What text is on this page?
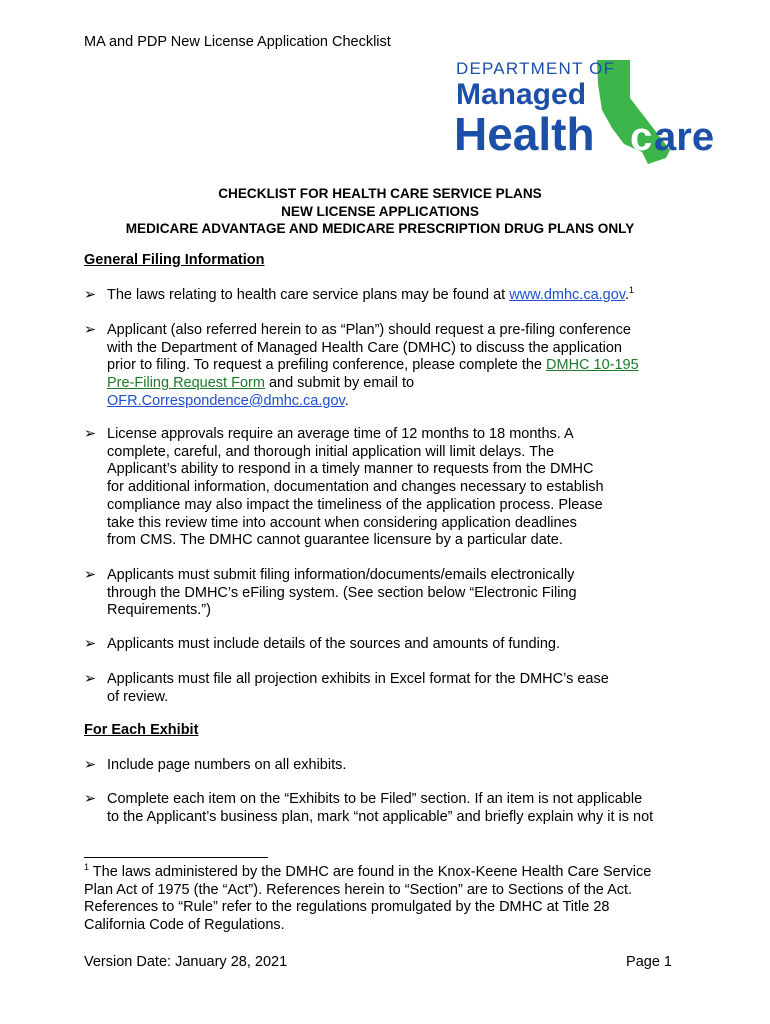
MA and PDP New License Application Checklist
DEPARTMENT OF
Managed
Health c are
CHECKLIST FOR HEALTH CARE SERVICE PLANS
NEW LICENSE APPLICATIONS
MEDICARE ADVANTAGE AND MEDICARE PRESCRIPTION DRUG PLANS ONLY
General Filing Information
➢ The laws relating to health care service plans may be found at www.dmhc.ca.gov.$^1$
➢ Applicant (also referred herein to as “Plan”) should request a pre-filing conference
with the Department of Managed Health Care (DMHC) to discuss the application
prior to filing. To request a prefiling conference, please complete the DMHC 10-195
Pre-Filing Request Form and submit by email to
OFR.Correspondence@dmhc.ca.gov.
➢ License approvals require an average time of 12 months to 18 months. A
complete, careful, and thorough initial application will limit delays. The
Applicant’s ability to respond in a timely manner to requests from the DMHC
for additional information, documentation and changes necessary to establish
compliance may also impact the timeliness of the application process. Please
take this review time into account when considering application deadlines
from CMS. The DMHC cannot guarantee licensure by a particular date.
➢ Applicants must submit filing information/documents/emails electronically
through the DMHC’s eFiling system. (See section below “Electronic Filing
Requirements.”)
➢ Applicants must include details of the sources and amounts of funding.
➢ Applicants must file all projection exhibits in Excel format for the DMHC’s ease
of review.
For Each Exhibit
➢ Include page numbers on all exhibits.
➢ Complete each item on the “Exhibits to be Filed” section. If an item is not applicable
to the Applicant’s business plan, mark “not applicable” and briefly explain why it is not
$^1$ The laws administered by the DMHC are found in the Knox-Keene Health Care Service
Plan Act of 1975 (the “Act”). References herein to “Section” are to Sections of the Act.
References to “Rule” refer to the regulations promulgated by the DMHC at Title 28
California Code of Regulations.
Version Date: January 28, 2021	Page 1
